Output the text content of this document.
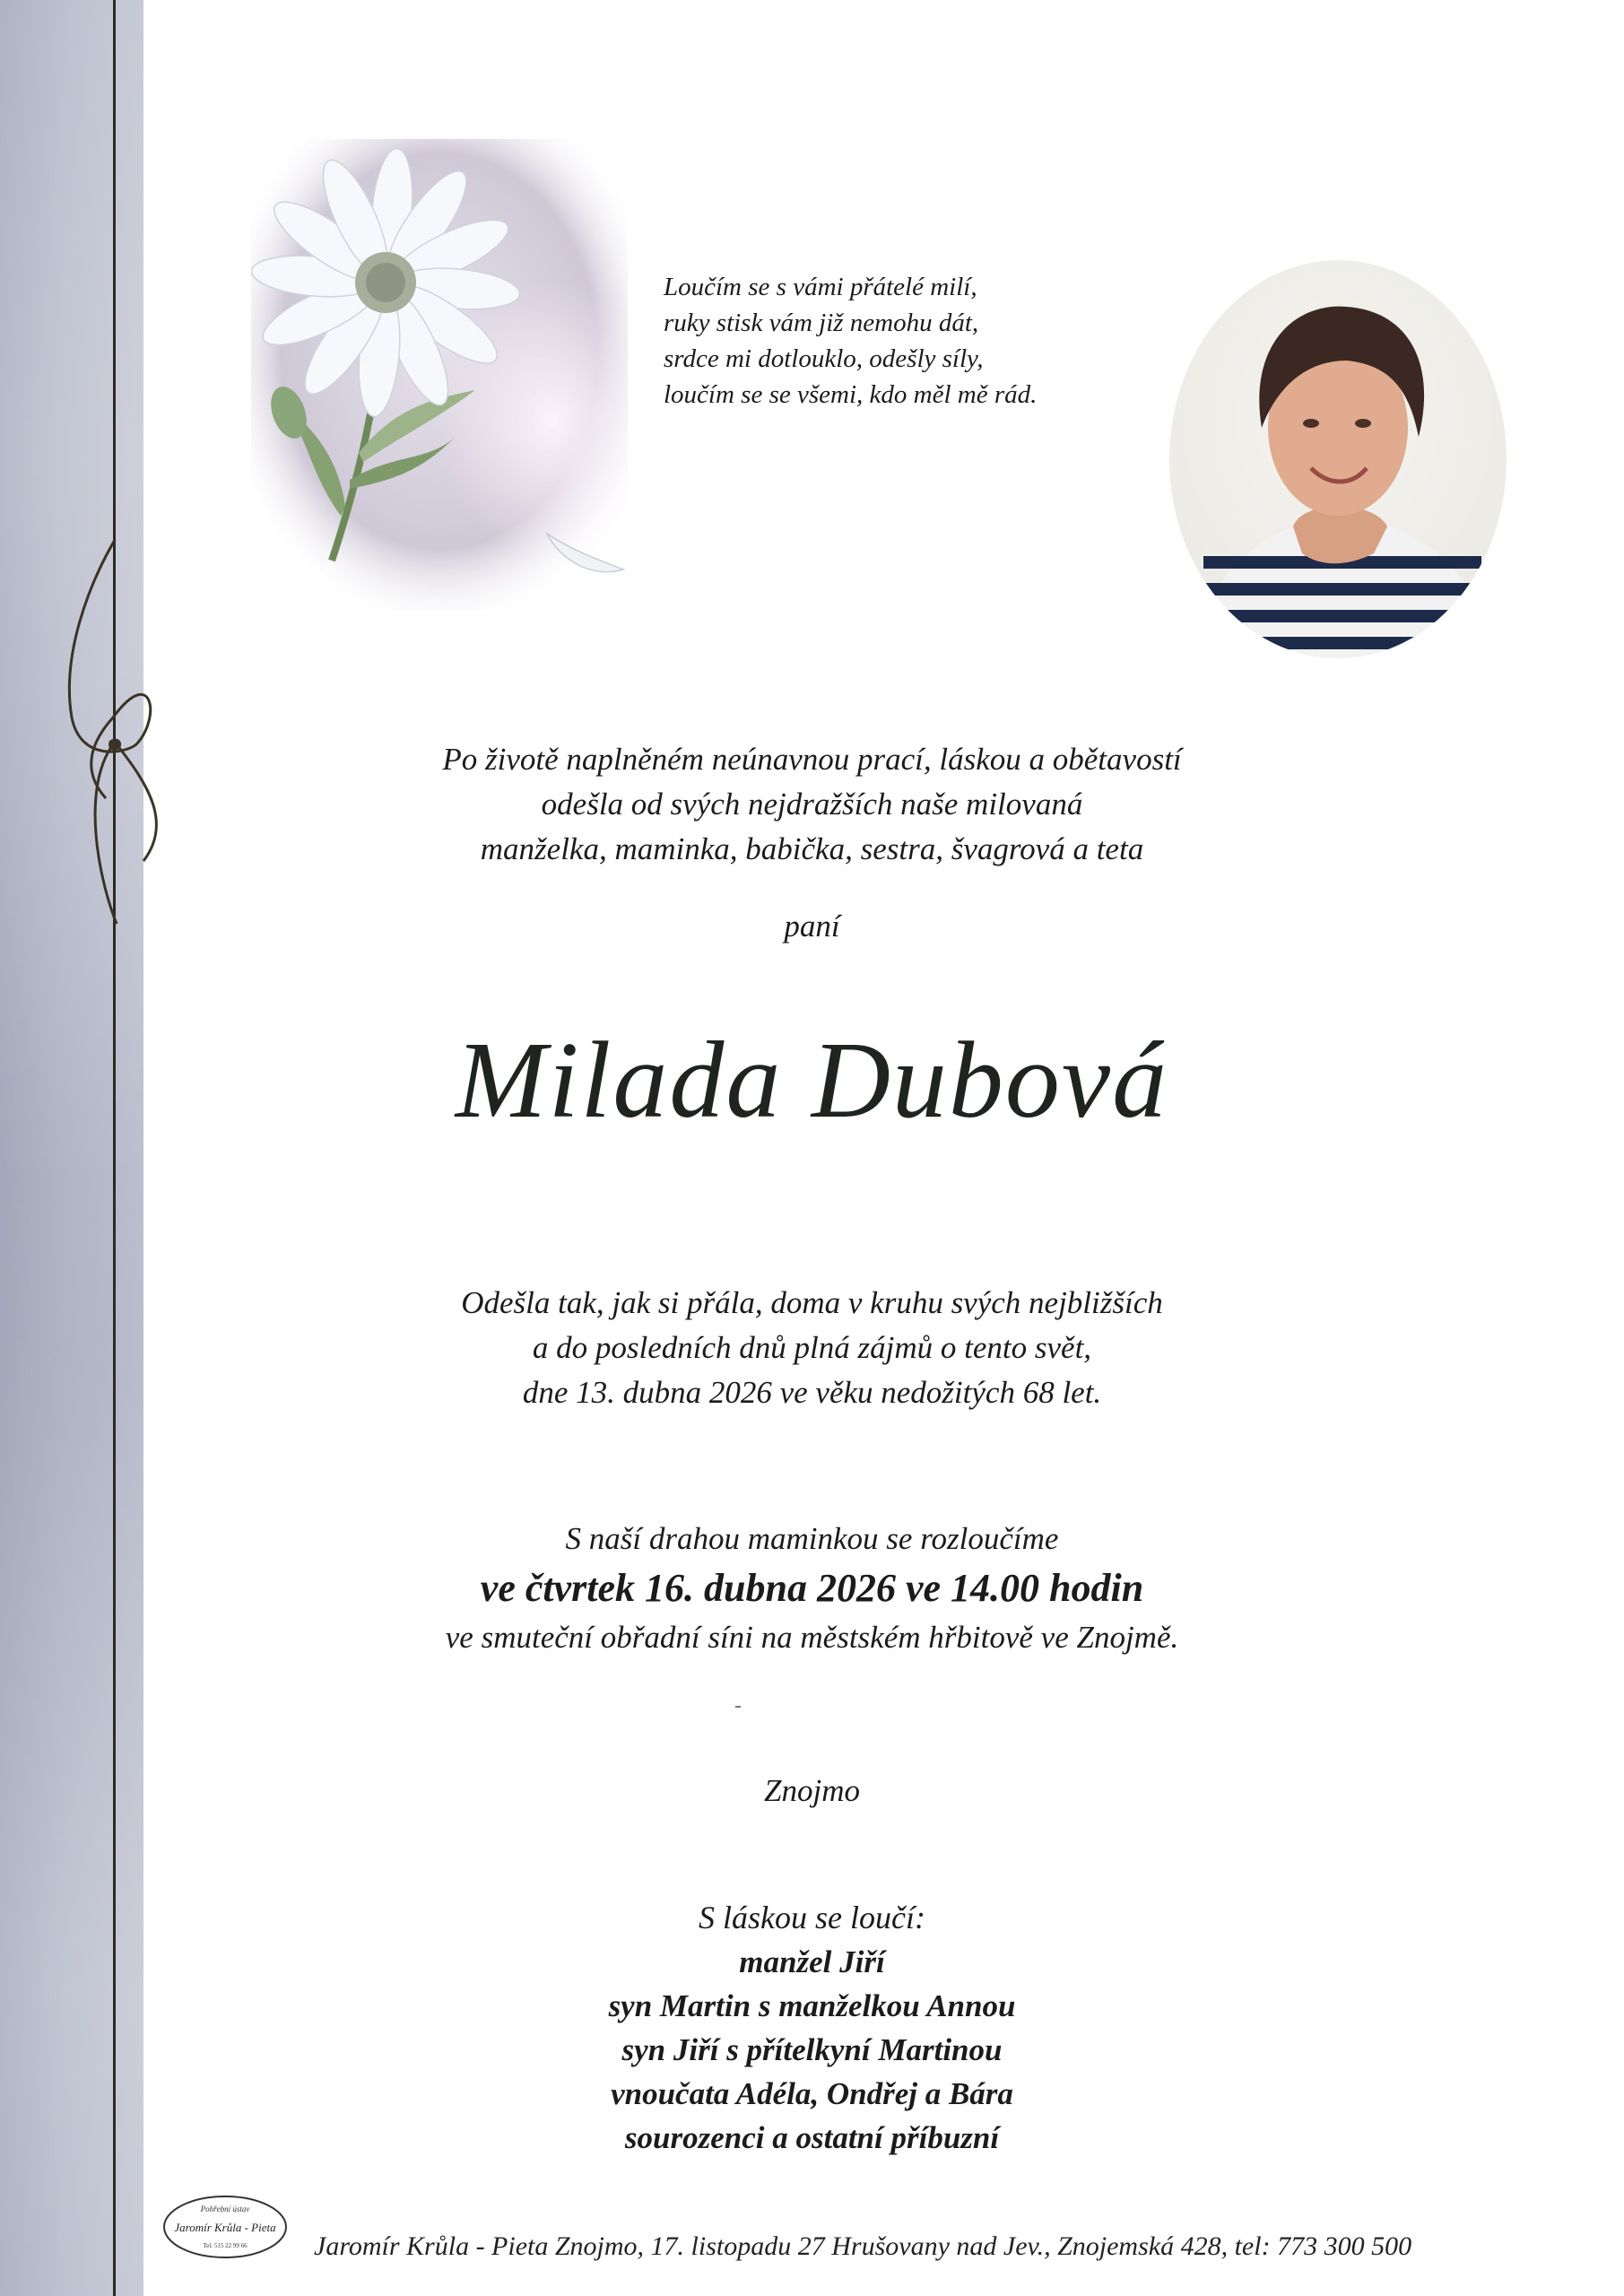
Loučím se s vámi přátelé milí,
ruky stisk vám již nemohu dát,
srdce mi dotlouklo, odešly síly,
loučím se se všemi, kdo měl mě rád.
Po životě naplněném neúnavnou prací, láskou a obětavostí
odešla od svých nejdražších naše milovaná
manželka, maminka, babička, sestra, švagrová a teta
paní
Milada Dubová
Odešla tak, jak si přála, doma v kruhu svých nejbližších
a do posledních dnů plná zájmů o tento svět,
dne 13. dubna 2026 ve věku nedožitých 68 let.
S naší drahou maminkou se rozloučíme
ve čtvrtek 16. dubna 2026 ve 14.00 hodin
ve smuteční obřadní síni na městském hřbitově ve Znojmě.
Znojmo
S láskou se loučí:
manžel Jiří
syn Martin s manželkou Annou
syn Jiří s přítelkyní Martinou
vnoučata Adéla, Ondřej a Bára
sourozenci a ostatní příbuzní
Pohřební ústav
Jaromír Krůla - Pieta
Tel: 515 22 99 66 Jaromír Krůla - Pieta Znojmo, 17. listopadu 27 Hrušovany nad Jev., Znojemská 428, tel: 773 300 500
